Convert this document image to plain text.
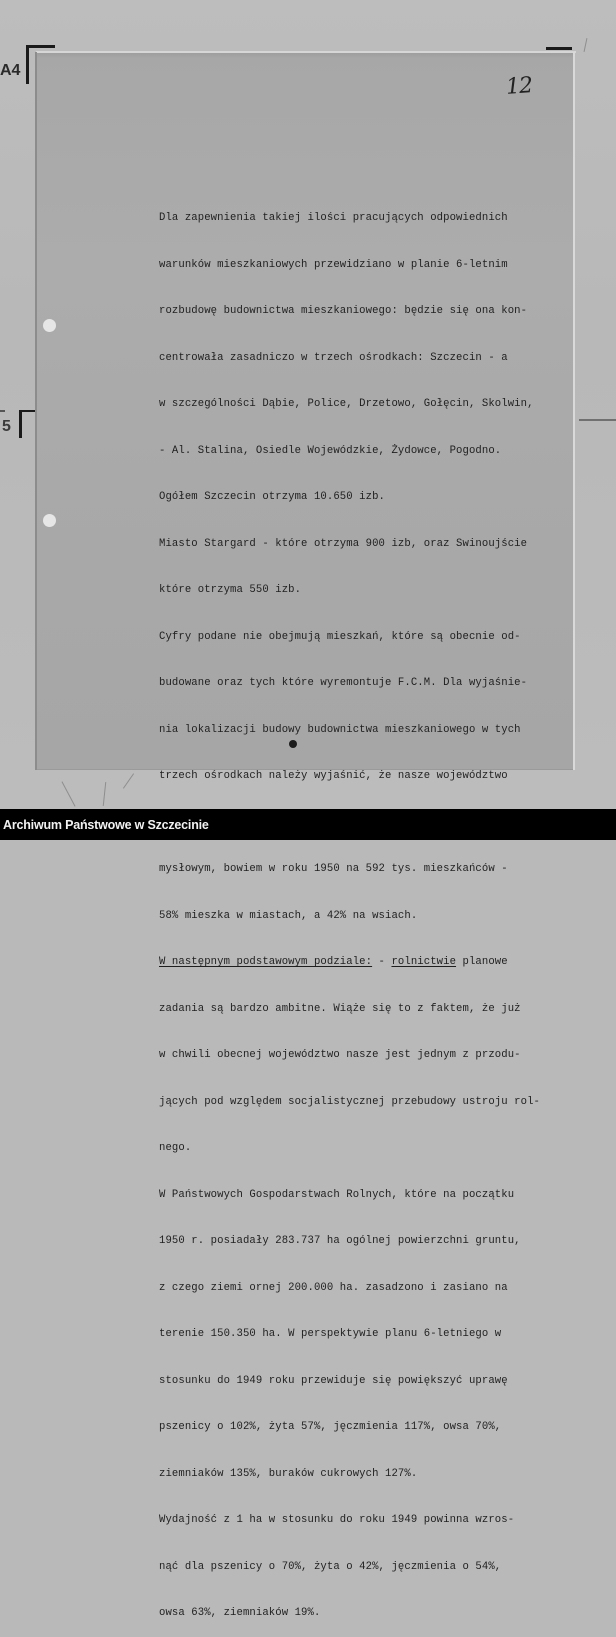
A4
5
12

Dla zapewnienia takiej ilości pracujących odpowiednich

warunków mieszkaniowych przewidziano w planie 6-letnim

rozbudowę budownictwa mieszkaniowego: będzie się ona kon-

centrowała zasadniczo w trzech ośrodkach: Szczecin - a

w szczególności Dąbie, Police, Drzetowo, Gołęcin, Skolwin,

- Al. Stalina, Osiedle Wojewódzkie, Żydowce, Pogodno.

Ogółem Szczecin otrzyma 10.650 izb.

Miasto Stargard - które otrzyma 900 izb, oraz Swinoujście

które otrzyma 550 izb.

Cyfry podane nie obejmują mieszkań, które są obecnie od-

budowane oraz tych które wyremontuje F.C.M. Dla wyjaśnie-

nia lokalizacji budowy budownictwa mieszkaniowego w tych

trzech ośrodkach należy wyjaśnić, że nasze województwo

mysłowym, bowiem w roku 1950 na 592 tys. mieszkańców -

58% mieszka w miastach, a 42% na wsiach.

W następnym podstawowym podziale: - rolnictwie planowe

zadania są bardzo ambitne. Wiąże się to z faktem, że już

w chwili obecnej województwo nasze jest jednym z przodu-

jących pod względem socjalistycznej przebudowy ustroju rol-

nego.

W Państwowych Gospodarstwach Rolnych, które na początku

1950 r. posiadały 283.737 ha ogólnej powierzchni gruntu,

z czego ziemi ornej 200.000 ha. zasadzono i zasiano na

terenie 150.350 ha. W perspektywie planu 6-letniego w

stosunku do 1949 roku przewiduje się powiększyć uprawę

pszenicy o 102%, żyta 57%, jęczmienia 117%, owsa 70%,

ziemniaków 135%, buraków cukrowych 127%.

Wydajność z 1 ha w stosunku do roku 1949 powinna wzros-

nąć dla pszenicy o 70%, żyta o 42%, jęczmienia o 54%,

owsa 63%, ziemniaków 19%.

Archiwum Państwowe w Szczecinie
